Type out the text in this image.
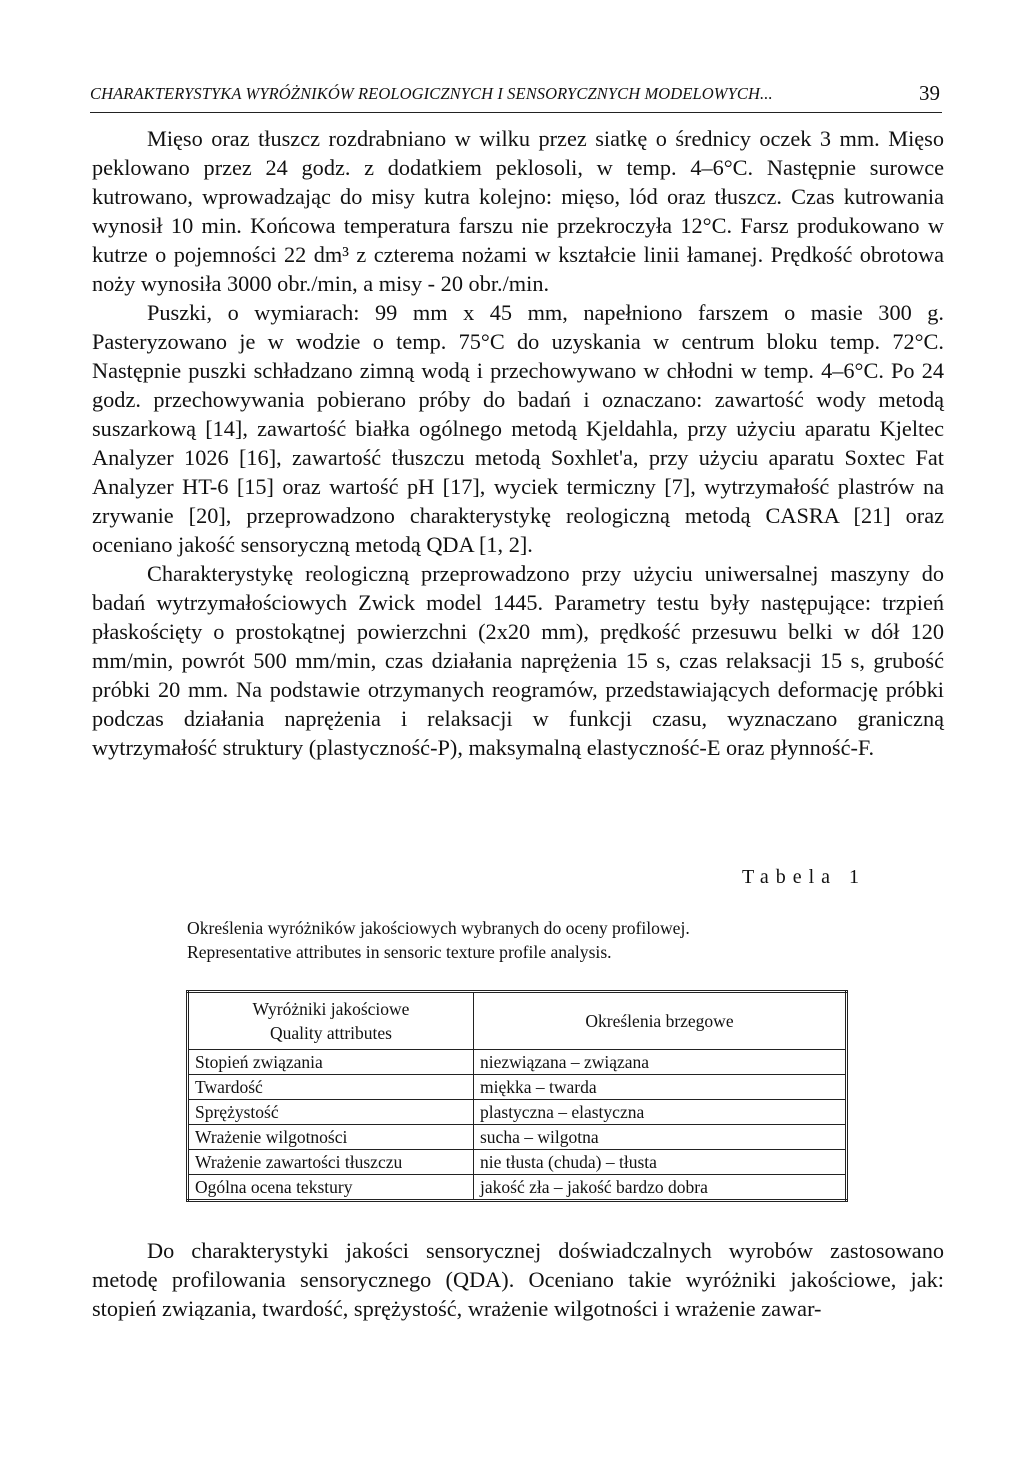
CHARAKTERYSTYKA WYRÓŻNIKÓW REOLOGICZNYCH I SENSORYCZNYCH MODELOWYCH...	39

Mięso oraz tłuszcz rozdrabniano w wilku przez siatkę o średnicy oczek 3 mm. Mięso peklowano przez 24 godz. z dodatkiem peklosoli, w temp. 4–6°C. Następnie surowce kutrowano, wprowadzając do misy kutra kolejno: mięso, lód oraz tłuszcz. Czas kutrowania wynosił 10 min. Końcowa temperatura farszu nie przekroczyła 12°C. Farsz produkowano w kutrze o pojemności 22 dm³ z czterema nożami w kształcie linii łamanej. Prędkość obrotowa noży wynosiła 3000 obr./min, a misy - 20 obr./min.

Puszki, o wymiarach: 99 mm x 45 mm, napełniono farszem o masie 300 g. Pasteryzowano je w wodzie o temp. 75°C do uzyskania w centrum bloku temp. 72°C. Następnie puszki schładzano zimną wodą i przechowywano w chłodni w temp. 4–6°C. Po 24 godz. przechowywania pobierano próby do badań i oznaczano: zawartość wody metodą suszarkową [14], zawartość białka ogólnego metodą Kjeldahla, przy użyciu aparatu Kjeltec Analyzer 1026 [16], zawartość tłuszczu metodą Soxhlet'a, przy użyciu aparatu Soxtec Fat Analyzer HT-6 [15] oraz wartość pH [17], wyciek termiczny [7], wytrzymałość plastrów na zrywanie [20], przeprowadzono charakterystykę reologiczną metodą CASRA [21] oraz oceniano jakość sensoryczną metodą QDA [1, 2].

Charakterystykę reologiczną przeprowadzono przy użyciu uniwersalnej maszyny do badań wytrzymałościowych Zwick model 1445. Parametry testu były następujące: trzpień płaskościęty o prostokątnej powierzchni (2x20 mm), prędkość przesuwu belki w dół 120 mm/min, powrót 500 mm/min, czas działania naprężenia 15 s, czas relaksacji 15 s, grubość próbki 20 mm. Na podstawie otrzymanych reogramów, przedstawiających deformację próbki podczas działania naprężenia i relaksacji w funkcji czasu, wyznaczano graniczną wytrzymałość struktury (plastyczność-P), maksymalną elastyczność-E oraz płynność-F.

Tabela 1
Określenia wyróżników jakościowych wybranych do oceny profilowej.
Representative attributes in sensoric texture profile analysis.
Wyróżniki jakościowe
Quality attributes	Określenia brzegowe
Stopień związania	niezwiązana – związana
Twardość	miękka – twarda
Sprężystość	plastyczna – elastyczna
Wrażenie wilgotności	sucha – wilgotna
Wrażenie zawartości tłuszczu	nie tłusta (chuda) – tłusta
Ogólna ocena tekstury	jakość zła – jakość bardzo dobra

Do charakterystyki jakości sensorycznej doświadczalnych wyrobów zastosowano metodę profilowania sensorycznego (QDA). Oceniano takie wyróżniki jakościowe, jak: stopień związania, twardość, sprężystość, wrażenie wilgotności i wrażenie zawar-
